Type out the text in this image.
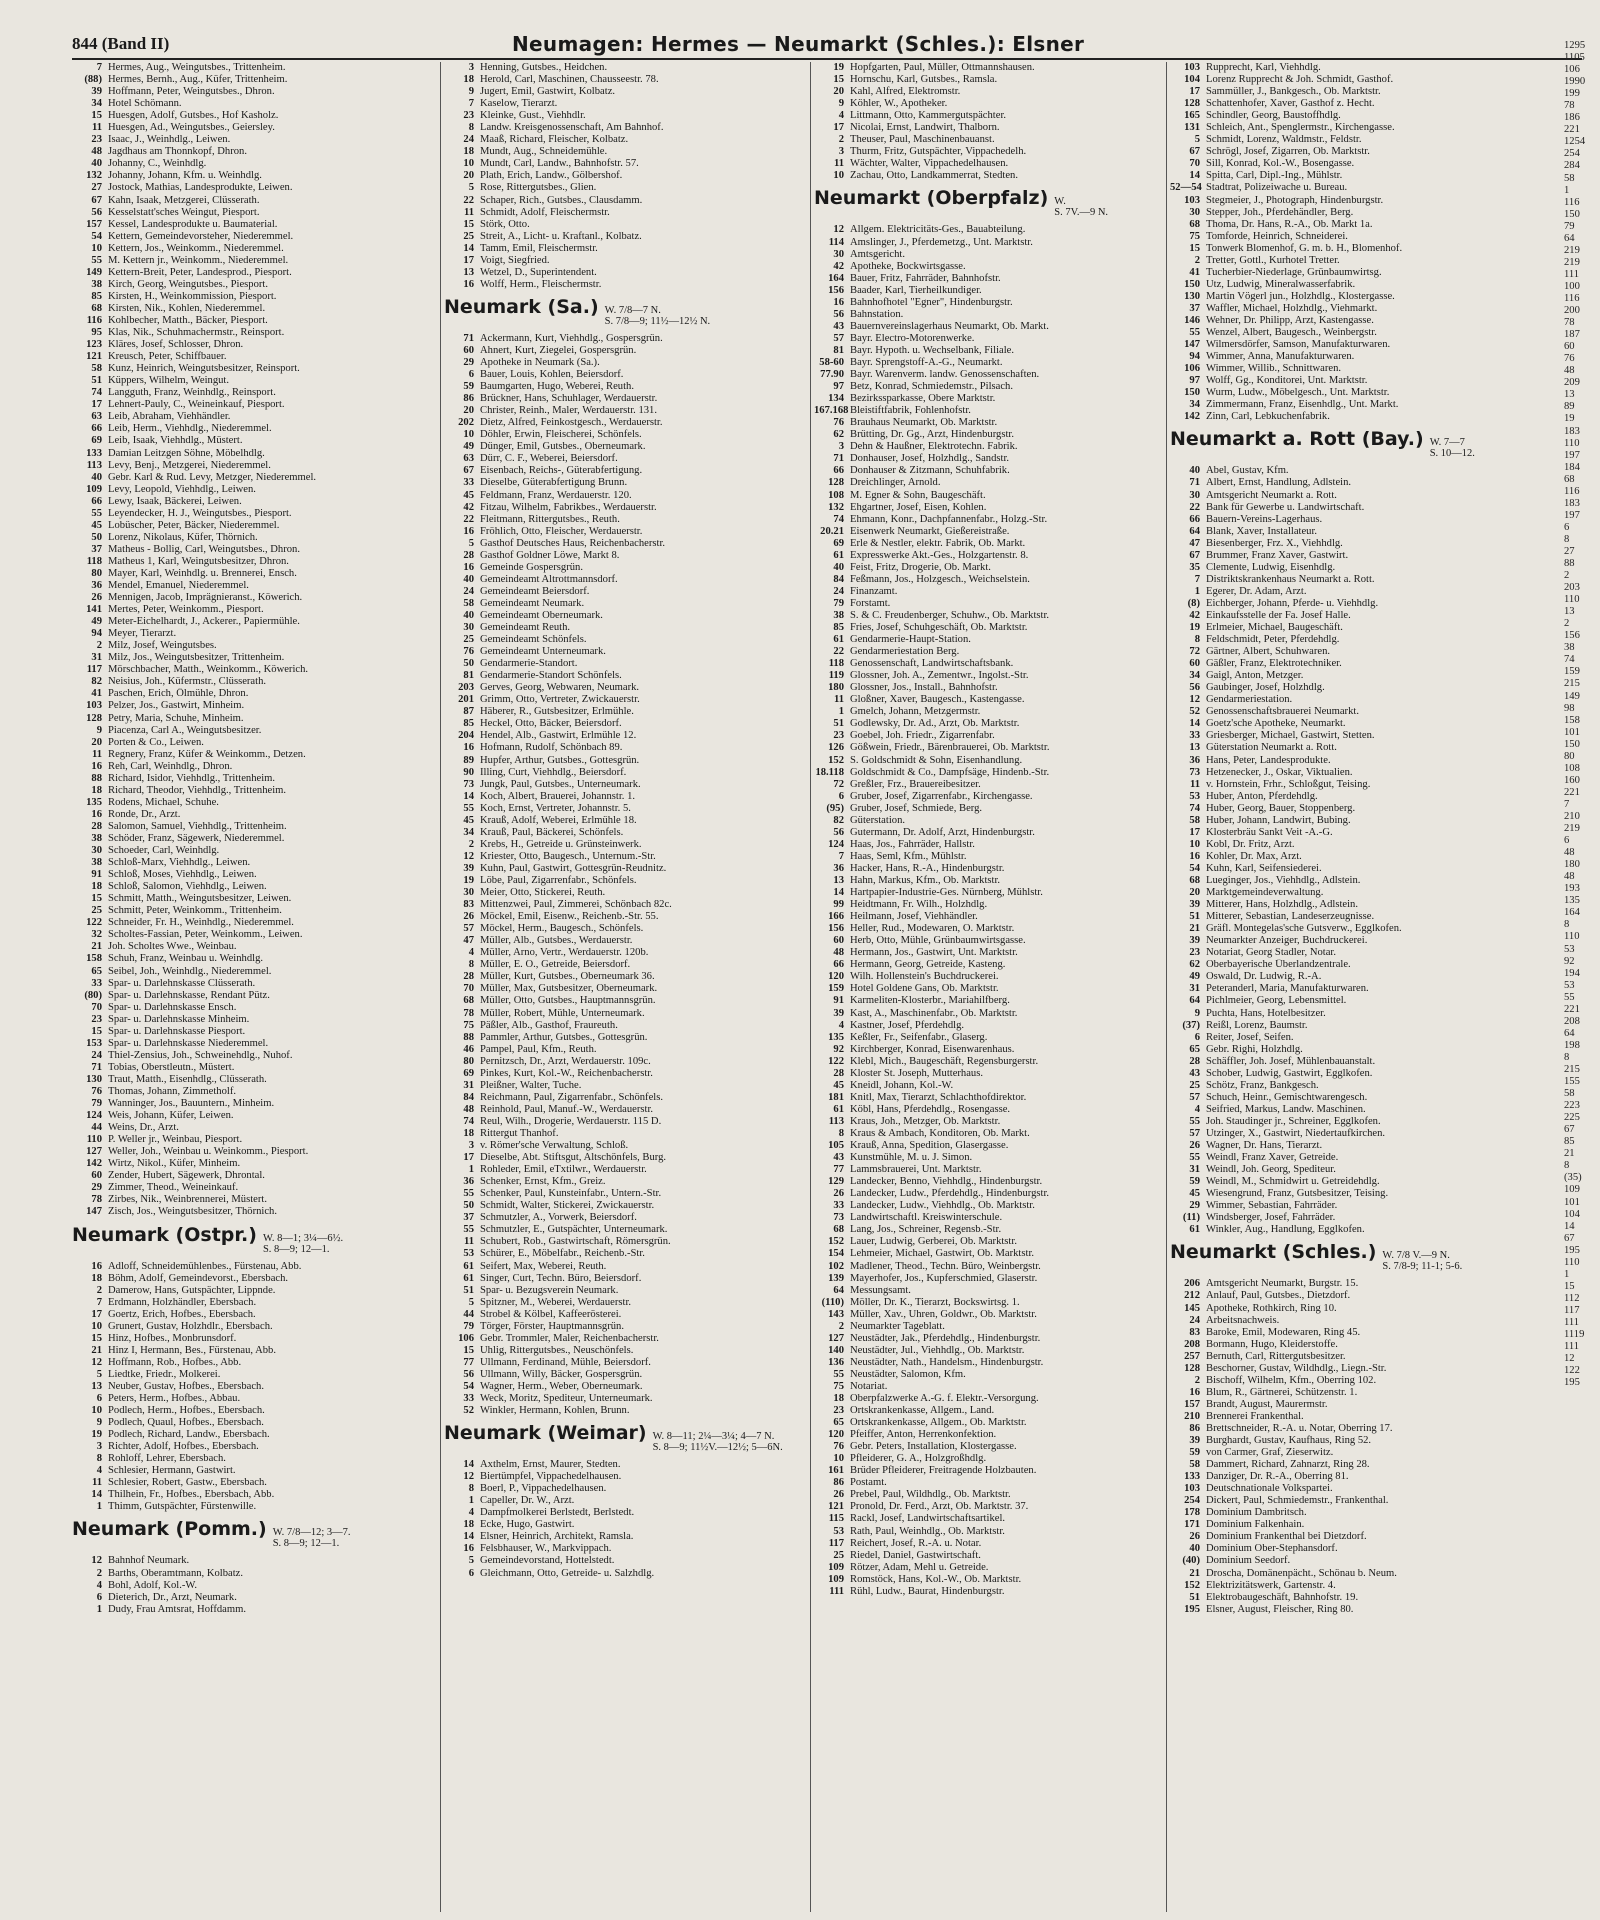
844 (Band II)	Neumagen: Hermes — Neumarkt (Schles.): Elsner
7 Hermes, Aug., Weingutsbes., Trittenheim.
(88) Hermes, Bernh., Aug., Küfer, Trittenheim.
39 Hoffmann, Peter, Weingutsbes., Dhron.
34 Hotel Schömann.
15 Huesgen, Adolf, Gutsbes., Hof Kasholz.
11 Huesgen, Ad., Weingutsbes., Geiersley.
23 Isaac, J., Weinhdlg., Leiwen.
48 Jagdhaus am Thonnkopf, Dhron.
40 Johanny, C., Weinhdlg.
132 Johanny, Johann, Kfm. u. Weinhdlg.
27 Jostock, Mathias, Landesprodukte, Leiwen.
67 Kahn, Isaak, Metzgerei, Clüsserath.
56 Kesselstatt'sches Weingut, Piesport.
157 Kessel, Landesprodukte u. Baumaterial.
54 Kettern, Gemeindevorsteher, Niederemmel.
10 Kettern, Jos., Weinkomm., Niederemmel.
55 M. Kettern jr., Weinkomm., Niederemmel.
149 Kettern-Breit, Peter, Landesprod., Piesport.
38 Kirch, Georg, Weingutsbes., Piesport.
85 Kirsten, H., Weinkommission, Piesport.
68 Kirsten, Nik., Kohlen, Niederemmel.
116 Kohlbecher, Matth., Bäcker, Piesport.
95 Klas, Nik., Schuhmachermstr., Reinsport.
123 Kläres, Josef, Schlosser, Dhron.
121 Kreusch, Peter, Schiffbauer.
58 Kunz, Heinrich, Weingutsbesitzer, Reinsport.
51 Küppers, Wilhelm, Weingut.
74 Langguth, Franz, Weinhdlg., Reinsport.
17 Lehnert-Pauly, C., Weineinkauf, Piesport.
63 Leib, Abraham, Viehhändler.
66 Leib, Herm., Viehhdlg., Niederemmel.
69 Leib, Isaak, Viehhdlg., Müstert.
133 Damian Leitzgen Söhne, Möbelhdlg.
113 Levy, Benj., Metzgerei, Niederemmel.
40 Gebr. Karl & Rud. Levy, Metzger, Niederemmel.
109 Levy, Leopold, Viehhdlg., Leiwen.
66 Lewy, Isaak, Bäckerei, Leiwen.
55 Leyendecker, H. J., Weingutsbes., Piesport.
45 Lobüscher, Peter, Bäcker, Niederemmel.
50 Lorenz, Nikolaus, Küfer, Thörnich.
37 Matheus - Bollig, Carl, Weingutsbes., Dhron.
118 Matheus 1, Karl, Weingutsbesitzer, Dhron.
80 Mayer, Karl, Weinhdlg. u. Brennerei, Ensch.
36 Mendel, Emanuel, Niederemmel.
26 Mennigen, Jacob, Imprägnieranst., Köwerich.
141 Mertes, Peter, Weinkomm., Piesport.
49 Meter-Eichelhardt, J., Ackerer., Papiermühle.
94 Meyer, Tierarzt.
2 Milz, Josef, Weingutsbes.
31 Milz, Jos., Weingutsbesitzer, Trittenheim.
117 Mörschbacher, Matth., Weinkomm., Köwerich.
82 Neisius, Joh., Küfermstr., Clüsserath.
41 Paschen, Erich, Ölmühle, Dhron.
103 Pelzer, Jos., Gastwirt, Minheim.
128 Petry, Maria, Schuhe, Minheim.
9 Piacenza, Carl A., Weingutsbesitzer.
20 Porten & Co., Leiwen.
11 Regnery, Franz, Küfer & Weinkomm., Detzen.
16 Reh, Carl, Weinhdlg., Dhron.
88 Richard, Isidor, Viehhdlg., Trittenheim.
18 Richard, Theodor, Viehhdlg., Trittenheim.
135 Rodens, Michael, Schuhe.
16 Ronde, Dr., Arzt.
28 Salomon, Samuel, Viehhdlg., Trittenheim.
38 Schöder, Franz, Sägewerk, Niederemmel.
30 Schoeder, Carl, Weinhdlg.
38 Schloß-Marx, Viehhdlg., Leiwen.
91 Schloß, Moses, Viehhdlg., Leiwen.
18 Schloß, Salomon, Viehhdlg., Leiwen.
15 Schmitt, Matth., Weingutsbesitzer, Leiwen.
25 Schmitt, Peter, Weinkomm., Trittenheim.
122 Schneider, Fr. H., Weinhdlg., Niederemmel.
32 Scholtes-Fassian, Peter, Weinkomm., Leiwen.
21 Joh. Scholtes Wwe., Weinbau.
158 Schuh, Franz, Weinbau u. Weinhdlg.
65 Seibel, Joh., Weinhdlg., Niederemmel.
33 Spar- u. Darlehnskasse Clüsserath.
(80) Spar- u. Darlehnskasse, Rendant Pütz.
70 Spar- u. Darlehnskasse Ensch.
23 Spar- u. Darlehnskasse Minheim.
15 Spar- u. Darlehnskasse Piesport.
153 Spar- u. Darlehnskasse Niederemmel.
24 Thiel-Zensius, Joh., Schweinehdlg., Nuhof.
71 Tobias, Oberstleutn., Müstert.
130 Traut, Matth., Eisenhdlg., Clüsserath.
76 Thomas, Johann, Zimmetholf.
79 Wanninger, Jos., Bauuntern., Minheim.
124 Weis, Johann, Küfer, Leiwen.
44 Weins, Dr., Arzt.
110 P. Weller jr., Weinbau, Piesport.
127 Weller, Joh., Weinbau u. Weinkomm., Piesport.
142 Wirtz, Nikol., Küfer, Minheim.
60 Zender, Hubert, Sägewerk, Dhrontal.
29 Zimmer, Theod., Weineinkauf.
78 Zirbes, Nik., Weinbrennerei, Müstert.
147 Zisch, Jos., Weingutsbesitzer, Thörnich.
Neumark (Ostpr.) W. 8—1; 3¼—6½.
S. 8—9; 12—1.
16 Adloff, Schneidemühlenbes., Fürstenau, Abb.
18 Böhm, Adolf, Gemeindevorst., Ebersbach.
2 Damerow, Hans, Gutspächter, Lippnde.
7 Erdmann, Holzhändler, Ebersbach.
17 Goertz, Erich, Hofbes., Ebersbach.
10 Grunert, Gustav, Holzhdlr., Ebersbach.
15 Hinz, Hofbes., Monbrunsdorf.
21 Hinz I, Hermann, Bes., Fürstenau, Abb.
12 Hoffmann, Rob., Hofbes., Abb.
5 Liedtke, Friedr., Molkerei.
13 Neuber, Gustav, Hofbes., Ebersbach.
6 Peters, Herm., Hofbes., Abbau.
10 Podlech, Herm., Hofbes., Ebersbach.
9 Podlech, Quaul, Hofbes., Ebersbach.
19 Podlech, Richard, Landw., Ebersbach.
3 Richter, Adolf, Hofbes., Ebersbach.
8 Rohloff, Lehrer, Ebersbach.
4 Schlesier, Hermann, Gastwirt.
11 Schlesier, Robert, Gastw., Ebersbach.
14 Thilhein, Fr., Hofbes., Ebersbach, Abb.
1 Thimm, Gutspächter, Fürstenwille.
Neumark (Pomm.) W. 7/8—12; 3—7.
S. 8—9; 12—1.
12 Bahnhof Neumark.
2 Barths, Oberamtmann, Kolbatz.
4 Bohl, Adolf, Kol.-W.
6 Dieterich, Dr., Arzt, Neumark.
1 Dudy, Frau Amtsrat, Hoffdamm.
3 Henning, Gutsbes., Heidchen.
18 Herold, Carl, Maschinen, Chausseestr. 78.
9 Jugert, Emil, Gastwirt, Kolbatz.
7 Kaselow, Tierarzt.
23 Kleinke, Gust., Viehhdlr.
8 Landw. Kreisgenossenschaft, Am Bahnhof.
24 Maaß, Richard, Fleischer, Kolbatz.
18 Mundt, Aug., Schneidemühle.
10 Mundt, Carl, Landw., Bahnhofstr. 57.
20 Plath, Erich, Landw., Gölbershof.
5 Rose, Rittergutsbes., Glien.
22 Schaper, Rich., Gutsbes., Clausdamm.
11 Schmidt, Adolf, Fleischermstr.
15 Störk, Otto.
25 Streit, A., Licht- u. Kraftanl., Kolbatz.
14 Tamm, Emil, Fleischermstr.
17 Voigt, Siegfried.
13 Wetzel, D., Superintendent.
16 Wolff, Herm., Fleischermstr.
Neumark (Sa.) W. 7/8—7 N.
S. 7/8—9; 11½—12½ N.
71 Ackermann, Kurt, Viehhdlg., Gospersgrün.
60 Ahnert, Kurt, Ziegelei, Gospersgrün.
29 Apotheke in Neumark (Sa.).
6 Bauer, Louis, Kohlen, Beiersdorf.
59 Baumgarten, Hugo, Weberei, Reuth.
86 Brückner, Hans, Schuhlager, Werdauerstr.
20 Christer, Reinh., Maler, Werdauerstr. 131.
202 Dietz, Alfred, Feinkostgesch., Werdauerstr.
10 Döhler, Erwin, Fleischerei, Schönfels.
49 Dünger, Emil, Gutsbes., Oberneumark.
63 Dürr, C. F., Weberei, Beiersdorf.
67 Eisenbach, Reichs-, Güterabfertigung.
33 Dieselbe, Güterabfertigung Brunn.
45 Feldmann, Franz, Werdauerstr. 120.
42 Fitzau, Wilhelm, Fabrikbes., Werdauerstr.
22 Fleitmann, Rittergutsbes., Reuth.
16 Fröhlich, Otto, Fleischer, Werdauerstr.
5 Gasthof Deutsches Haus, Reichenbacherstr.
28 Gasthof Goldner Löwe, Markt 8.
16 Gemeinde Gospersgrün.
40 Gemeindeamt Altrottmannsdorf.
24 Gemeindeamt Beiersdorf.
58 Gemeindeamt Neumark.
40 Gemeindeamt Oberneumark.
30 Gemeindeamt Reuth.
25 Gemeindeamt Schönfels.
76 Gemeindeamt Unterneumark.
50 Gendarmerie-Standort.
81 Gendarmerie-Standort Schönfels.
203 Gerves, Georg, Webwaren, Neumark.
201 Grimm, Otto, Vertreter, Zwickauerstr.
87 Häberer, R., Gutsbesitzer, Erlmühle.
85 Heckel, Otto, Bäcker, Beiersdorf.
204 Hendel, Alb., Gastwirt, Erlmühle 12.
16 Hofmann, Rudolf, Schönbach 89.
89 Hupfer, Arthur, Gutsbes., Gottesgrün.
90 Illing, Curt, Viehhdlg., Beiersdorf.
73 Jungk, Paul, Gutsbes., Unterneumark.
14 Koch, Albert, Brauerei, Johannstr. 1.
55 Koch, Ernst, Vertreter, Johannstr. 5.
45 Krauß, Adolf, Weberei, Erlmühle 18.
34 Krauß, Paul, Bäckerei, Schönfels.
2 Krebs, H., Getreide u. Grünsteinwerk.
12 Kriester, Otto, Baugesch., Unternum.-Str.
39 Kuhn, Paul, Gastwirt, Gottesgrün-Reudnitz.
19 Löbe, Paul, Zigarrenfabr., Schönfels.
30 Meier, Otto, Stickerei, Reuth.
83 Mittenzwei, Paul, Zimmerei, Schönbach 82c.
26 Möckel, Emil, Eisenw., Reichenb.-Str. 55.
57 Möckel, Herm., Baugesch., Schönfels.
47 Müller, Alb., Gutsbes., Werdauerstr.
4 Müller, Arno, Vertr., Werdauerstr. 120b.
8 Müller, E. O., Getreide, Beiersdorf.
28 Müller, Kurt, Gutsbes., Oberneumark 36.
70 Müller, Max, Gutsbesitzer, Oberneumark.
68 Müller, Otto, Gutsbes., Hauptmannsgrün.
78 Müller, Robert, Mühle, Unterneumark.
75 Päßler, Alb., Gasthof, Fraureuth.
88 Pammler, Arthur, Gutsbes., Gottesgrün.
46 Pampel, Paul, Kfm., Reuth.
80 Pernitzsch, Dr., Arzt, Werdauerstr. 109c.
69 Pinkes, Kurt, Kol.-W., Reichenbacherstr.
31 Pleißner, Walter, Tuche.
84 Reichmann, Paul, Zigarrenfabr., Schönfels.
48 Reinhold, Paul, Manuf.-W., Werdauerstr.
74 Reul, Wilh., Drogerie, Werdauerstr. 115 D.
18 Rittergut Thanhof.
3 v. Römer'sche Verwaltung, Schloß.
17 Dieselbe, Abt. Stiftsgut, Altschönfels, Burg.
1 Rohleder, Emil, eTxtilwr., Werdauerstr.
36 Schenker, Ernst, Kfm., Greiz.
55 Schenker, Paul, Kunsteinfabr., Untern.-Str.
50 Schmidt, Walter, Stickerei, Zwickauerstr.
37 Schmutzler, A., Vorwerk, Beiersdorf.
55 Schmutzler, E., Gutspächter, Unterneumark.
11 Schubert, Rob., Gastwirtschaft, Römersgrün.
53 Schürer, E., Möbelfabr., Reichenb.-Str.
61 Seifert, Max, Weberei, Reuth.
61 Singer, Curt, Techn. Büro, Beiersdorf.
51 Spar- u. Bezugsverein Neumark.
5 Spitzner, M., Weberei, Werdauerstr.
44 Strobel & Kölbel, Kaffeerösterei.
79 Törger, Förster, Hauptmannsgrün.
106 Gebr. Trommler, Maler, Reichenbacherstr.
15 Uhlig, Rittergutsbes., Neuschönfels.
77 Ullmann, Ferdinand, Mühle, Beiersdorf.
56 Ullmann, Willy, Bäcker, Gospersgrün.
54 Wagner, Herm., Weber, Oberneumark.
33 Weck, Moritz, Spediteur, Unterneumark.
52 Winkler, Hermann, Kohlen, Brunn.
Neumark (Weimar) W. 8—11; 2¼—3¼; 4—7 N.
S. 8—9; 11½V.—12½; 5—6N.
14 Axthelm, Ernst, Maurer, Stedten.
12 Biertümpfel, Vippachedelhausen.
8 Boerl, P., Vippachedelhausen.
1 Capeller, Dr. W., Arzt.
4 Dampfmolkerei Berlstedt, Berlstedt.
18 Ecke, Hugo, Gastwirt.
14 Elsner, Heinrich, Architekt, Ramsla.
16 Felsbhauser, W., Markvippach.
5 Gemeindevorstand, Hottelstedt.
6 Gleichmann, Otto, Getreide- u. Salzhdlg.
19 Hopfgarten, Paul, Müller, Ottmannshausen.
15 Hornschu, Karl, Gutsbes., Ramsla.
20 Kahl, Alfred, Elektromstr.
9 Köhler, W., Apotheker.
4 Littmann, Otto, Kammergutspächter.
17 Nicolai, Ernst, Landwirt, Thalborn.
2 Theuser, Paul, Maschinenbauanst.
3 Thurm, Fritz, Gutspächter, Vippachedelh.
11 Wächter, Walter, Vippachedelhausen.
10 Zachau, Otto, Landkammerrat, Stedten.
Neumarkt (Oberpfalz) W.
S. 7V.—9 N.
12 Allgem. Elektricitäts-Ges., Bauabteilung.
114 Amslinger, J., Pferdemetzg., Unt. Marktstr.
30 Amtsgericht.
42 Apotheke, Bockwirtsgasse.
164 Bauer, Fritz, Fahrräder, Bahnhofstr.
156 Baader, Karl, Tierheilkundiger.
16 Bahnhofhotel "Egner", Hindenburgstr.
56 Bahnstation.
43 Bauernvereinslagerhaus Neumarkt, Ob. Markt.
57 Bayr. Electro-Motorenwerke.
81 Bayr. Hypoth. u. Wechselbank, Filiale.
58-60 Bayr. Sprengstoff-A.-G., Neumarkt.
77.90 Bayr. Warenverm. landw. Genossenschaften.
97 Betz, Konrad, Schmiedemstr., Pilsach.
134 Bezirkssparkasse, Obere Marktstr.
167.168 Bleistiftfabrik, Fohlenhofstr.
76 Brauhaus Neumarkt, Ob. Marktstr.
62 Brütting, Dr. Gg., Arzt, Hindenburgstr.
3 Dehn & Haußner, Elektrotechn. Fabrik.
71 Donhauser, Josef, Holzhdlg., Sandstr.
66 Donhauser & Zitzmann, Schuhfabrik.
128 Dreichlinger, Arnold.
108 M. Egner & Sohn, Baugeschäft.
132 Ehgartner, Josef, Eisen, Kohlen.
74 Ehmann, Konr., Dachpfannenfabr., Holzg.-Str.
20.21 Eisenwerk Neumarkt, Gießereistraße.
69 Erle & Nestler, elektr. Fabrik, Ob. Markt.
61 Expresswerke Akt.-Ges., Holzgartenstr. 8.
40 Feist, Fritz, Drogerie, Ob. Markt.
84 Feßmann, Jos., Holzgesch., Weichselstein.
24 Finanzamt.
79 Forstamt.
38 S. & C. Freudenberger, Schuhw., Ob. Marktstr.
85 Fries, Josef, Schuhgeschäft, Ob. Marktstr.
61 Gendarmerie-Haupt-Station.
22 Gendarmeriestation Berg.
118 Genossenschaft, Landwirtschaftsbank.
119 Glossner, Joh. A., Zementwr., Ingolst.-Str.
180 Glossner, Jos., Install., Bahnhofstr.
11 Gloßner, Xaver, Baugesch., Kastengasse.
1 Gmelch, Johann, Metzgermstr.
51 Godlewsky, Dr. Ad., Arzt, Ob. Marktstr.
23 Goebel, Joh. Friedr., Zigarrenfabr.
126 Gößwein, Friedr., Bärenbrauerei, Ob. Marktstr.
152 S. Goldschmidt & Sohn, Eisenhandlung.
18.118 Goldschmidt & Co., Dampfsäge, Hindenb.-Str.
72 Greßler, Frz., Brauereibesitzer.
6 Gruber, Josef, Zigarrenfabr., Kirchengasse.
(95) Gruber, Josef, Schmiede, Berg.
82 Güterstation.
56 Gutermann, Dr. Adolf, Arzt, Hindenburgstr.
124 Haas, Jos., Fahrräder, Hallstr.
7 Haas, Seml, Kfm., Mühlstr.
36 Hacker, Hans, R.-A., Hindenburgstr.
13 Hahn, Markus, Kfm., Ob. Marktstr.
14 Hartpapier-Industrie-Ges. Nürnberg, Mühlstr.
99 Heidtmann, Fr. Wilh., Holzhdlg.
166 Heilmann, Josef, Viehhändler.
156 Heller, Rud., Modewaren, O. Marktstr.
60 Herb, Otto, Mühle, Grünbaumwirtsgasse.
48 Hermann, Jos., Gastwirt, Unt. Marktstr.
66 Hermann, Georg, Getreide, Kasteng.
120 Wilh. Hollenstein's Buchdruckerei.
159 Hotel Goldene Gans, Ob. Marktstr.
91 Karmeliten-Klosterbr., Mariahilfberg.
39 Kast, A., Maschinenfabr., Ob. Marktstr.
4 Kastner, Josef, Pferdehdlg.
135 Keßler, Fr., Seifenfabr., Glaserg.
92 Kirchberger, Konrad, Eisenwarenhaus.
122 Klebl, Mich., Baugeschäft, Regensburgerstr.
28 Kloster St. Joseph, Mutterhaus.
45 Kneidl, Johann, Kol.-W.
181 Knitl, Max, Tierarzt, Schlachthofdirektor.
61 Köbl, Hans, Pferdehdlg., Rosengasse.
113 Kraus, Joh., Metzger, Ob. Marktstr.
8 Kraus & Ambach, Konditoren, Ob. Markt.
105 Krauß, Anna, Spedition, Glasergasse.
43 Kunstmühle, M. u. J. Simon.
77 Lammsbrauerei, Unt. Marktstr.
129 Landecker, Benno, Viehhdlg., Hindenburgstr.
26 Landecker, Ludw., Pferdehdlg., Hindenburgstr.
33 Landecker, Ludw., Viehhdlg., Ob. Marktstr.
73 Landwirtschaftl. Kreiswinterschule.
68 Lang, Jos., Schreiner, Regensb.-Str.
152 Lauer, Ludwig, Gerberei, Ob. Marktstr.
154 Lehmeier, Michael, Gastwirt, Ob. Marktstr.
102 Madlener, Theod., Techn. Büro, Weinbergstr.
139 Mayerhofer, Jos., Kupferschmied, Glaserstr.
64 Messungsamt.
(110) Möller, Dr. K., Tierarzt, Bockswirtsg. 1.
143 Müller, Xav., Uhren, Goldwr., Ob. Marktstr.
2 Neumarkter Tageblatt.
127 Neustädter, Jak., Pferdehdlg., Hindenburgstr.
140 Neustädter, Jul., Viehhdlg., Ob. Marktstr.
136 Neustädter, Nath., Handelsm., Hindenburgstr.
55 Neustädter, Salomon, Kfm.
75 Notariat.
18 Oberpfalzwerke A.-G. f. Elektr.-Versorgung.
23 Ortskrankenkasse, Allgem., Land.
65 Ortskrankenkasse, Allgem., Ob. Marktstr.
120 Pfeiffer, Anton, Herrenkonfektion.
76 Gebr. Peters, Installation, Klostergasse.
10 Pfleiderer, G. A., Holzgroßhdlg.
161 Brüder Pfleiderer, Freitragende Holzbauten.
86 Postamt.
26 Prebel, Paul, Wildhdlg., Ob. Marktstr.
121 Pronold, Dr. Ferd., Arzt, Ob. Marktstr. 37.
115 Rackl, Josef, Landwirtschaftsartikel.
53 Rath, Paul, Weinhdlg., Ob. Marktstr.
117 Reichert, Josef, R.-A. u. Notar.
25 Riedel, Daniel, Gastwirtschaft.
109 Rötzer, Adam, Mehl u. Getreide.
109 Romstöck, Hans, Kol.-W., Ob. Marktstr.
111 Rühl, Ludw., Baurat, Hindenburgstr.
103 Rupprecht, Karl, Viehhdlg.
104 Lorenz Rupprecht & Joh. Schmidt, Gasthof.
17 Sammüller, J., Bankgesch., Ob. Marktstr.
128 Schattenhofer, Xaver, Gasthof z. Hecht.
165 Schindler, Georg, Baustoffhdlg.
131 Schleich, Ant., Spenglermstr., Kirchengasse.
5 Schmidt, Lorenz, Waldmstr., Feldstr.
67 Schrögl, Josef, Zigarren, Ob. Marktstr.
70 Sill, Konrad, Kol.-W., Bosengasse.
14 Spitta, Carl, Dipl.-Ing., Mühlstr.
52—54 Stadtrat, Polizeiwache u. Bureau.
103 Stegmeier, J., Photograph, Hindenburgstr.
30 Stepper, Joh., Pferdehändler, Berg.
68 Thoma, Dr. Hans, R.-A., Ob. Markt 1a.
75 Tomforde, Heinrich, Schneiderei.
15 Tonwerk Blomenhof, G. m. b. H., Blomenhof.
2 Tretter, Gottl., Kurhotel Tretter.
41 Tucherbier-Niederlage, Grünbaumwirtsg.
150 Utz, Ludwig, Mineralwasserfabrik.
130 Martin Vögerl jun., Holzhdlg., Klostergasse.
37 Waffler, Michael, Holzhdlg., Viehmarkt.
146 Wehner, Dr. Philipp, Arzt, Kastengasse.
55 Wenzel, Albert, Baugesch., Weinbergstr.
147 Wilmersdörfer, Samson, Manufakturwaren.
94 Wimmer, Anna, Manufakturwaren.
106 Wimmer, Willib., Schnittwaren.
97 Wolff, Gg., Konditorei, Unt. Marktstr.
150 Wurm, Ludw., Möbelgesch., Unt. Marktstr.
34 Zimmermann, Franz, Eisenhdlg., Unt. Markt.
142 Zinn, Carl, Lebkuchenfabrik.
Neumarkt a. Rott (Bay.) W. 7—7
S. 10—12.
40 Abel, Gustav, Kfm.
71 Albert, Ernst, Handlung, Adlstein.
30 Amtsgericht Neumarkt a. Rott.
22 Bank für Gewerbe u. Landwirtschaft.
66 Bauern-Vereins-Lagerhaus.
64 Blank, Xaver, Installateur.
47 Biesenberger, Frz. X., Viehhdlg.
67 Brummer, Franz Xaver, Gastwirt.
35 Clemente, Ludwig, Eisenhdlg.
7 Distriktskrankenhaus Neumarkt a. Rott.
1 Egerer, Dr. Adam, Arzt.
(8) Eichberger, Johann, Pferde- u. Viehhdlg.
42 Einkaufsstelle der Fa. Josef Halle.
19 Erlmeier, Michael, Baugeschäft.
8 Feldschmidt, Peter, Pferdehdlg.
72 Gärtner, Albert, Schuhwaren.
60 Gäßler, Franz, Elektrotechniker.
34 Gaigl, Anton, Metzger.
56 Gaubinger, Josef, Holzhdlg.
12 Gendarmeriestation.
52 Genossenschaftsbrauerei Neumarkt.
14 Goetz'sche Apotheke, Neumarkt.
33 Griesberger, Michael, Gastwirt, Stetten.
13 Güterstation Neumarkt a. Rott.
36 Hans, Peter, Landesprodukte.
73 Hetzenecker, J., Oskar, Viktualien.
11 v. Hornstein, Frhr., Schloßgut, Teising.
53 Huber, Anton, Pferdehdlg.
74 Huber, Georg, Bauer, Stoppenberg.
58 Huber, Johann, Landwirt, Bubing.
17 Klosterbräu Sankt Veit -A.-G.
10 Kobl, Dr. Fritz, Arzt.
16 Kohler, Dr. Max, Arzt.
54 Kuhn, Karl, Seifensiederei.
68 Lueginger, Jos., Viehhdlg., Adlstein.
20 Marktgemeindeverwaltung.
39 Mitterer, Hans, Holzhdlg., Adlstein.
51 Mitterer, Sebastian, Landeserzeugnisse.
21 Gräfl. Montegelas'sche Gutsverw., Egglkofen.
39 Neumarkter Anzeiger, Buchdruckerei.
23 Notariat, Georg Stadler, Notar.
62 Oberbayerische Überlandzentrale.
49 Oswald, Dr. Ludwig, R.-A.
31 Peteranderl, Maria, Manufakturwaren.
64 Pichlmeier, Georg, Lebensmittel.
9 Puchta, Hans, Hotelbesitzer.
(37) Reißl, Lorenz, Baumstr.
6 Reiter, Josef, Seifen.
65 Gebr. Righi, Holzhdlg.
28 Schäffler, Joh. Josef, Mühlenbauanstalt.
43 Schober, Ludwig, Gastwirt, Egglkofen.
25 Schötz, Franz, Bankgesch.
57 Schuch, Heinr., Gemischtwarengesch.
4 Seifried, Markus, Landw. Maschinen.
55 Joh. Staudinger jr., Schreiner, Egglkofen.
57 Utzinger, X., Gastwirt, Niedertaufkirchen.
26 Wagner, Dr. Hans, Tierarzt.
55 Weindl, Franz Xaver, Getreide.
31 Weindl, Joh. Georg, Spediteur.
59 Weindl, M., Schmidwirt u. Getreidehdlg.
45 Wiesengrund, Franz, Gutsbesitzer, Teising.
29 Wimmer, Sebastian, Fahrräder.
(11) Windsberger, Josef, Fahrräder.
61 Winkler, Aug., Handlung, Egglkofen.
Neumarkt (Schles.) W. 7/8 V.—9 N.
S. 7/8-9; 11-1; 5-6.
206 Amtsgericht Neumarkt, Burgstr. 15.
212 Anlauf, Paul, Gutsbes., Dietzdorf.
145 Apotheke, Rothkirch, Ring 10.
24 Arbeitsnachweis.
83 Baroke, Emil, Modewaren, Ring 45.
208 Bormann, Hugo, Kleiderstoffe.
257 Bernuth, Carl, Rittergutsbesitzer.
128 Beschorner, Gustav, Wildhdlg., Liegn.-Str.
2 Bischoff, Wilhelm, Kfm., Oberring 102.
16 Blum, R., Gärtnerei, Schützenstr. 1.
157 Brandt, August, Maurermstr.
210 Brennerei Frankenthal.
86 Brettschneider, R.-A. u. Notar, Oberring 17.
39 Burghardt, Gustav, Kaufhaus, Ring 52.
59 von Carmer, Graf, Zieserwitz.
58 Dammert, Richard, Zahnarzt, Ring 28.
133 Danziger, Dr. R.-A., Oberring 81.
103 Deutschnationale Volkspartei.
254 Dickert, Paul, Schmiedemstr., Frankenthal.
178 Dominium Dambritsch.
171 Dominium Falkenhain.
26 Dominium Frankenthal bei Dietzdorf.
40 Dominium Ober-Stephansdorf.
(40) Dominium Seedorf.
21 Droscha, Domänenpächt., Schönau b. Neum.
152 Elektrizitätswerk, Gartenstr. 4.
51 Elektrobaugeschäft, Bahnhofstr. 19.
195 Elsner, August, Fleischer, Ring 80.
1295
1105
106
1990
199
78
186
221
1254
254
284
58
1
116
150
79
64
219
219
111
100
116
200
78
187
60
76
48
209
13
89
19
183
110
197
184
68
116
183
197
6
8
27
88
2
203
110
13
2
156
38
74
159
215
149
98
158
101
150
80
108
160
221
7
210
219
6
48
180
48
193
135
164
8
110
53
92
194
53
55
221
208
64
198
8
215
155
58
223
225
67
85
21
8
(35)
109
101
104
14
67
195
110
1
15
112
117
111
1119
111
12
122
195
